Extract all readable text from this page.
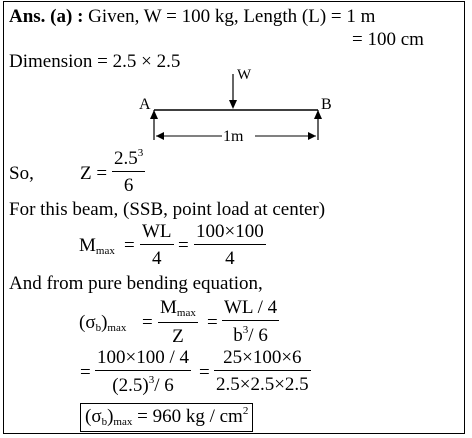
Ans. (a) : Given, W = 100 kg, Length (L) = 1 m
= 100 cm
Dimension = 2.5 × 2.5
W
A	B
1m
So, $Z = \frac{2.5^3}{6}$
For this beam, (SSB, point load at center)
$M_{max} = \frac{WL}{4} = \frac{100\times 100}{4}$
And from pure bending equation,
$(\sigma_b)_{max}$ =
$M_{max}$
Z
= $\frac{WL / 4}{b^3/ 6}$
= $\frac{100\times 100 / 4}{(2.5)^3/ 6} = \frac{25\times 100\times 6}{2.5\times 2.5\times 2.5}$
$(\sigma_b)_{max} = 960$ kg / $cm^2$
